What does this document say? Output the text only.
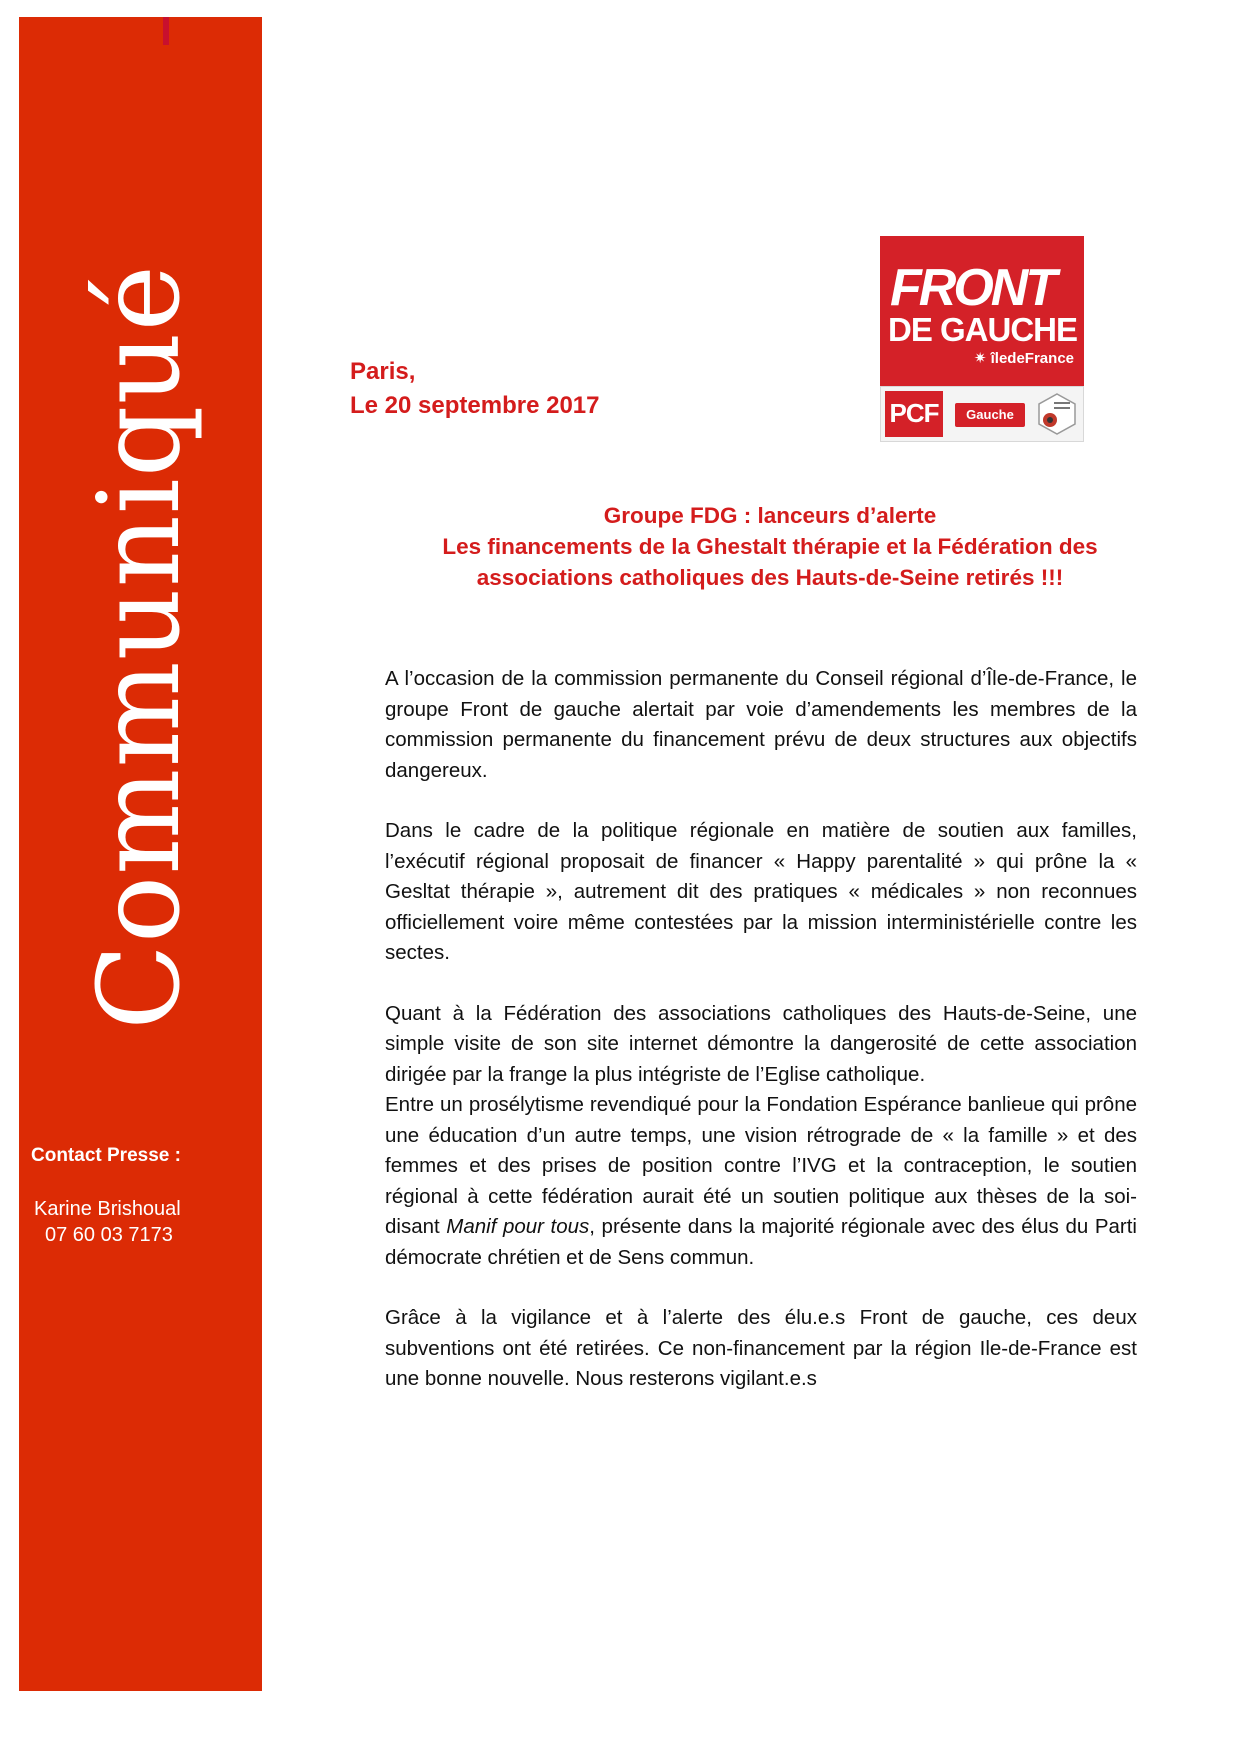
Communiqué
Contact Presse :
Karine Brishoual
07 60 03 7173
Paris,
Le 20 septembre 2017
FRONT
DE GAUCHE
✷ îledeFrance
PCF	Gauche
Groupe FDG : lanceurs d’alerte
Les financements de la Ghestalt thérapie et la Fédération des
associations catholiques des Hauts-de-Seine retirés !!!

A l’occasion de la commission permanente du Conseil régional d’Île-de-France, le groupe Front de gauche alertait par voie d’amendements les membres de la commission permanente du financement prévu de deux structures aux objectifs dangereux.

Dans le cadre de la politique régionale en matière de soutien aux familles, l’exécutif régional proposait de financer « Happy parentalité » qui prône la « Gesltat thérapie », autrement dit des pratiques « médicales » non reconnues officiellement voire même contestées par la mission interministérielle contre les sectes.

Quant à la Fédération des associations catholiques des Hauts-de-Seine, une simple visite de son site internet démontre la dangerosité de cette association dirigée par la frange la plus intégriste de l’Eglise catholique.

Entre un prosélytisme revendiqué pour la Fondation Espérance banlieue qui prône une éducation d’un autre temps, une vision rétrograde de « la famille » et des femmes et des prises de position contre l’IVG et la contraception, le soutien régional à cette fédération aurait été un soutien politique aux thèses de la soi-disant Manif pour tous, présente dans la majorité régionale avec des élus du Parti démocrate chrétien et de Sens commun.

Grâce à la vigilance et à l’alerte des élu.e.s Front de gauche, ces deux subventions ont été retirées. Ce non-financement par la région Ile-de-France est une bonne nouvelle. Nous resterons vigilant.e.s
